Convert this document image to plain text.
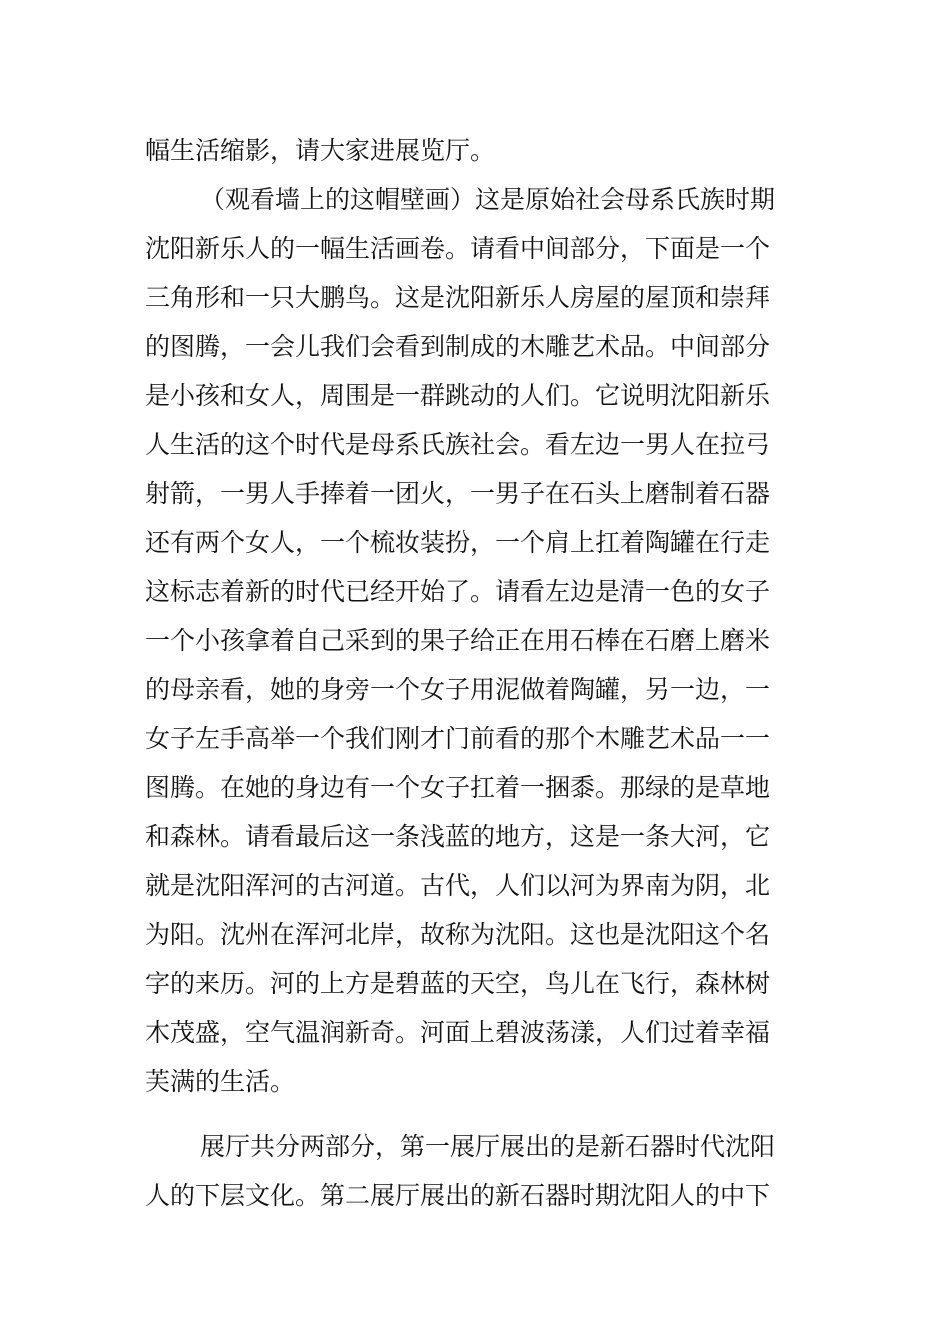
幅生活缩影，请大家进展览厅。
（观看墙上的这帽壁画）这是原始社会母系氏族时期
沈阳新乐人的一幅生活画卷。请看中间部分，下面是一个
三角形和一只大鹏鸟。这是沈阳新乐人房屋的屋顶和崇拜
的图腾，一会儿我们会看到制成的木雕艺术品。中间部分
是小孩和女人，周围是一群跳动的人们。它说明沈阳新乐
人生活的这个时代是母系氏族社会。看左边一男人在拉弓
射箭，一男人手捧着一团火，一男子在石头上磨制着石器
还有两个女人，一个梳妆装扮，一个肩上扛着陶罐在行走
这标志着新的时代已经开始了。请看左边是清一色的女子
一个小孩拿着自己采到的果子给正在用石棒在石磨上磨米
的母亲看，她的身旁一个女子用泥做着陶罐，另一边，一
女子左手高举一个我们刚才门前看的那个木雕艺术品一一
图腾。在她的身边有一个女子扛着一捆黍。那绿的是草地
和森林。请看最后这一条浅蓝的地方，这是一条大河，它
就是沈阳浑河的古河道。古代，人们以河为界南为阴，北
为阳。沈州在浑河北岸，故称为沈阳。这也是沈阳这个名
字的来历。河的上方是碧蓝的天空，鸟儿在飞行，森林树
木茂盛，空气温润新奇。河面上碧波荡漾，人们过着幸福
芙满的生活。
展厅共分两部分，第一展厅展出的是新石器时代沈阳
人的下层文化。第二展厅展出的新石器时期沈阳人的中下
